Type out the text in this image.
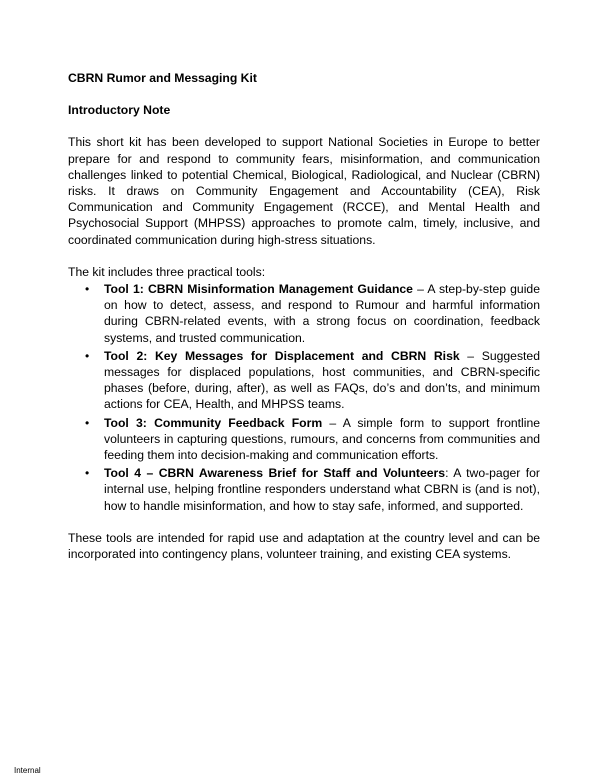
CBRN Rumor and Messaging Kit
Introductory Note

This short kit has been developed to support National Societies in Europe to better prepare for and respond to community fears, misinformation, and communication challenges linked to potential Chemical, Biological, Radiological, and Nuclear (CBRN) risks. It draws on Community Engagement and Accountability (CEA), Risk Communication and Community Engagement (RCCE), and Mental Health and Psychosocial Support (MHPSS) approaches to promote calm, timely, inclusive, and coordinated communication during high-stress situations.

The kit includes three practical tools:
• Tool 1: CBRN Misinformation Management Guidance – A step-by-step guide on how to detect, assess, and respond to Rumour and harmful information during CBRN-related events, with a strong focus on coordination, feedback systems, and trusted communication.
• Tool 2: Key Messages for Displacement and CBRN Risk – Suggested messages for displaced populations, host communities, and CBRN-specific phases (before, during, after), as well as FAQs, do’s and don’ts, and minimum actions for CEA, Health, and MHPSS teams.
• Tool 3: Community Feedback Form – A simple form to support frontline volunteers in capturing questions, rumours, and concerns from communities and feeding them into decision-making and communication efforts.
• Tool 4 – CBRN Awareness Brief for Staff and Volunteers: A two-pager for internal use, helping frontline responders understand what CBRN is (and is not), how to handle misinformation, and how to stay safe, informed, and supported.

These tools are intended for rapid use and adaptation at the country level and can be incorporated into contingency plans, volunteer training, and existing CEA systems.

Internal
